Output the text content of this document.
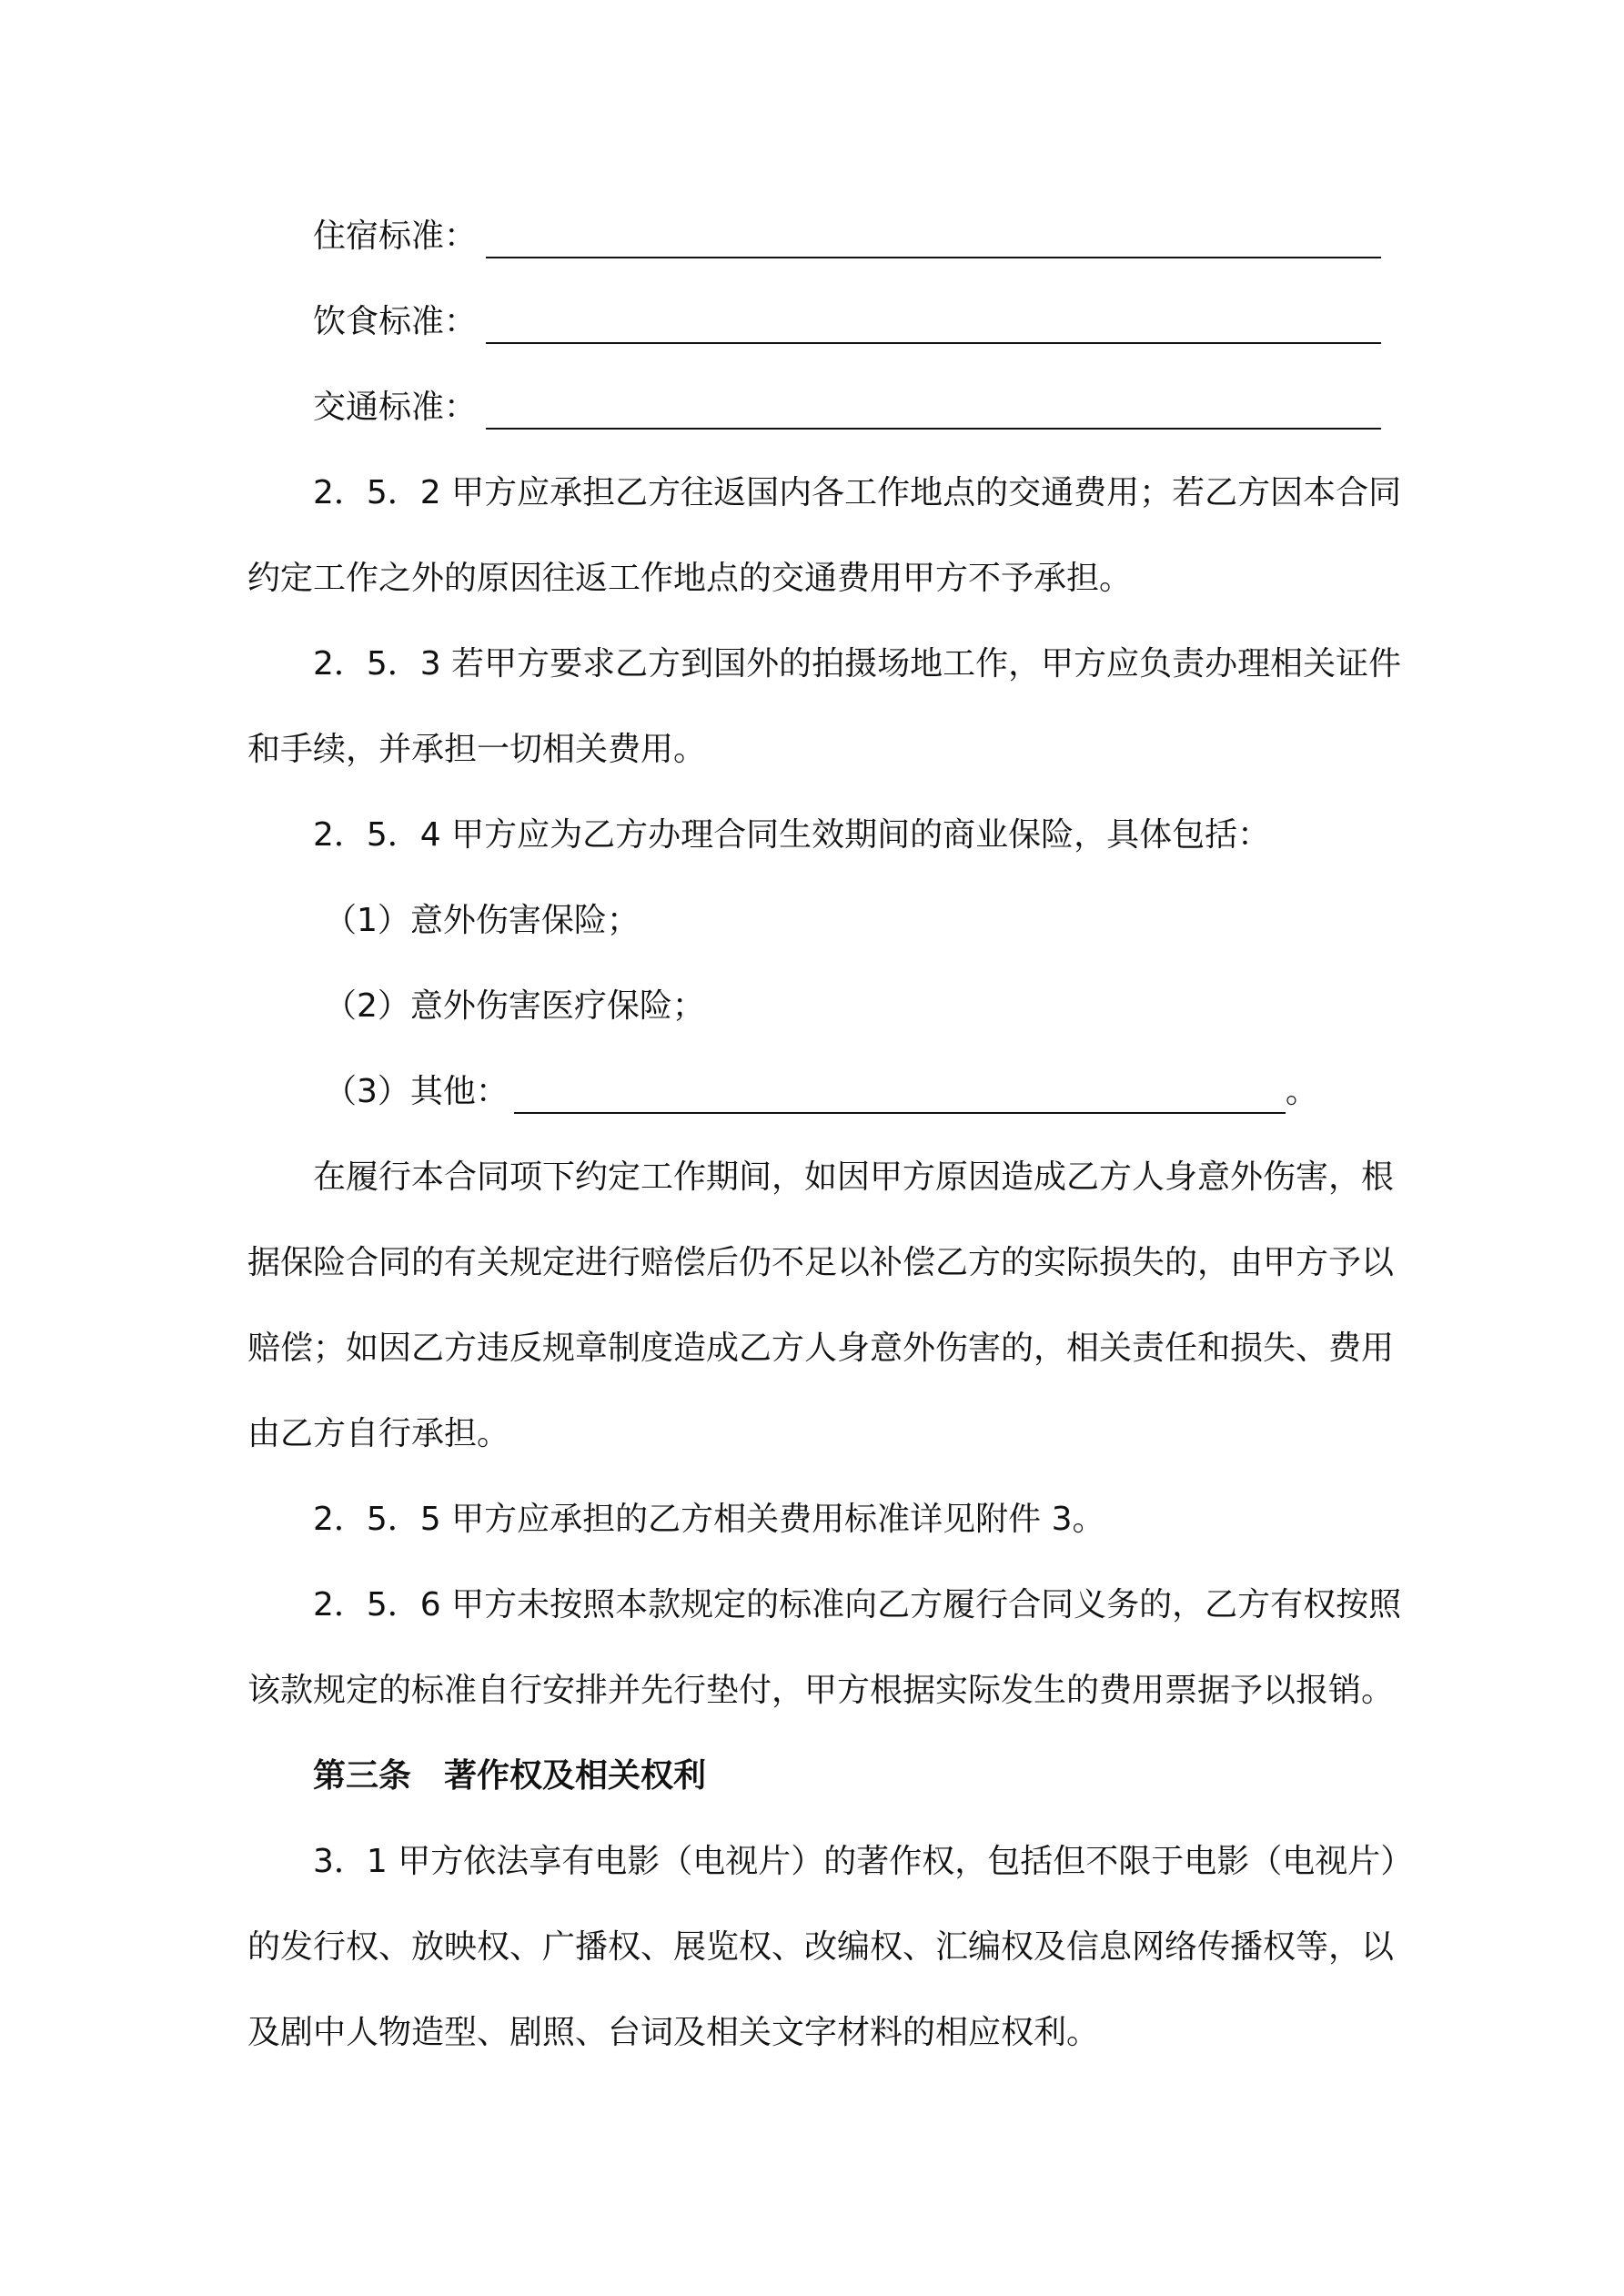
住宿标准：
饮食标准：
交通标准：
2．5．2 甲方应承担乙方往返国内各工作地点的交通费用；若乙方因本合同
约定工作之外的原因往返工作地点的交通费用甲方不予承担。
2．5．3 若甲方要求乙方到国外的拍摄场地工作，甲方应负责办理相关证件
和手续，并承担一切相关费用。
2．5．4 甲方应为乙方办理合同生效期间的商业保险，具体包括：
（1）意外伤害保险；
（2）意外伤害医疗保险；
（3）其他：	。
在履行本合同项下约定工作期间，如因甲方原因造成乙方人身意外伤害，根
据保险合同的有关规定进行赔偿后仍不足以补偿乙方的实际损失的，由甲方予以
赔偿；如因乙方违反规章制度造成乙方人身意外伤害的，相关责任和损失、费用
由乙方自行承担。
2．5．5 甲方应承担的乙方相关费用标准详见附件 3。
2．5．6 甲方未按照本款规定的标准向乙方履行合同义务的，乙方有权按照
该款规定的标准自行安排并先行垫付，甲方根据实际发生的费用票据予以报销。
第三条　著作权及相关权利
3．1 甲方依法享有电影（电视片）的著作权，包括但不限于电影（电视片）
的发行权、放映权、广播权、展览权、改编权、汇编权及信息网络传播权等，以
及剧中人物造型、剧照、台词及相关文字材料的相应权利。
